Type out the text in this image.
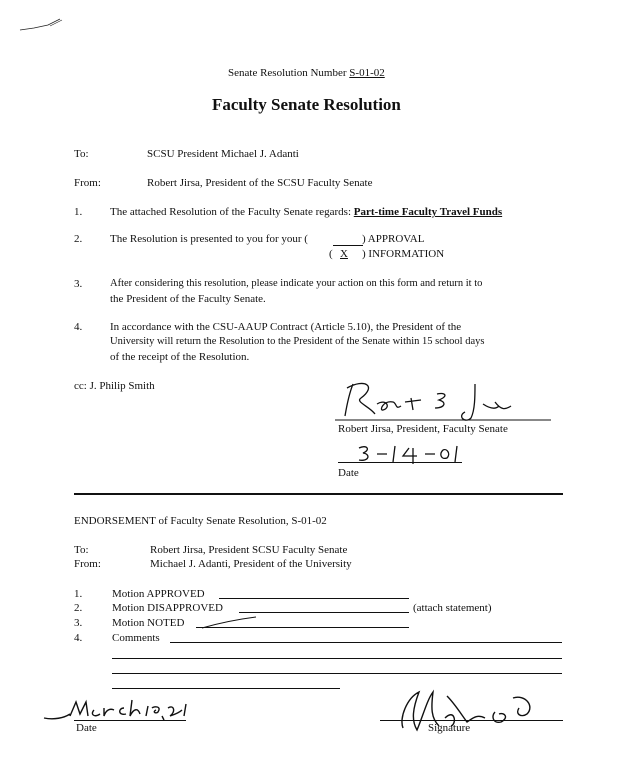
Senate Resolution Number S-01-02
Faculty Senate Resolution
To:	SCSU President Michael J. Adanti
From:	Robert Jirsa, President of the SCSU Faculty Senate
1.	The attached Resolution of the Faculty Senate regards: Part-time Faculty Travel Funds
2.	The Resolution is presented to you for your (	) APPROVAL
( X	) INFORMATION
3.	After considering this resolution, please indicate your action on this form and return it to
the President of the Faculty Senate.
4.	In accordance with the CSU-AAUP Contract (Article 5.10), the President of the
University will return the Resolution to the President of the Senate within 15 school days
of the receipt of the Resolution.
cc: J. Philip Smith
Robert Jirsa, President, Faculty Senate
Date
ENDORSEMENT of Faculty Senate Resolution, S-01-02
To:	Robert Jirsa, President SCSU Faculty Senate
From:	Michael J. Adanti, President of the University
1.	Motion APPROVED
2.	Motion DISAPPROVED	(attach statement)
3.	Motion NOTED
4.	Comments
Date	Signature
